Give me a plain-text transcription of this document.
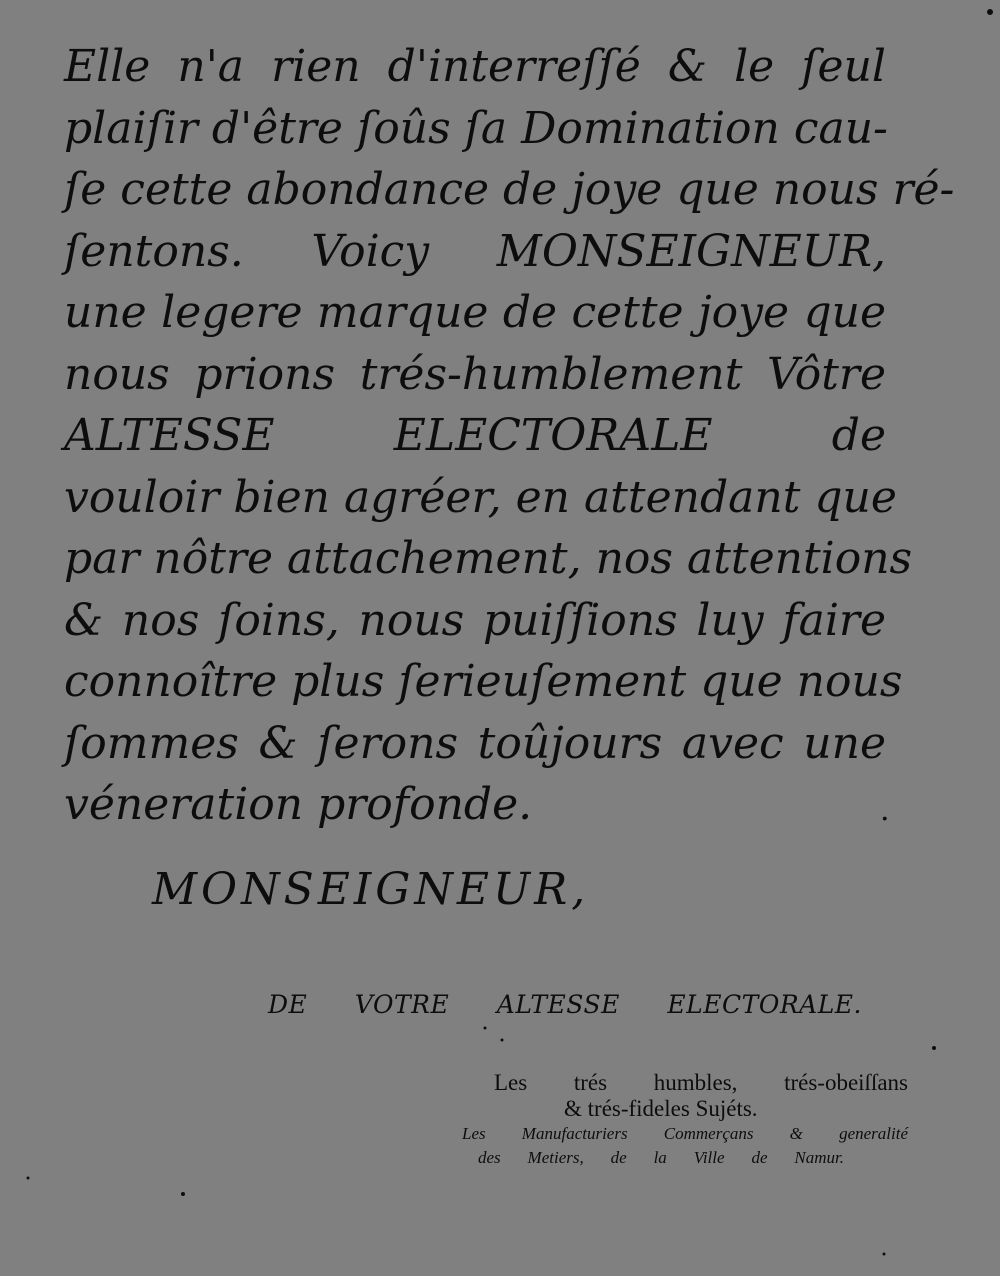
Elle n'a rien d'interreſſé & le ſeul
plaiſir d'être ſoûs ſa Domination cau-
ſe cette abondance de joye que nous ré-
ſentons. Voicy MONSEIGNEUR,
une legere marque de cette joye que
nous prions trés-humblement Vôtre
ALTESSE ELECTORALE de
vouloir bien agréer, en attendant que
par nôtre attachement, nos attentions
& nos ſoins, nous puiſſions luy faire
connoître plus ſerieuſement que nous
ſommes & ſerons toûjours avec une
véneration profonde.	.
MONSEIGNEUR,
DE VOTRE ALTESSE ELECTORALE.
Les trés humbles, trés-obeiſſans
& trés-fideles Sujéts.
Les Manufacturiers Commerçans & generalité
des Metiers, de la Ville de Namur.
